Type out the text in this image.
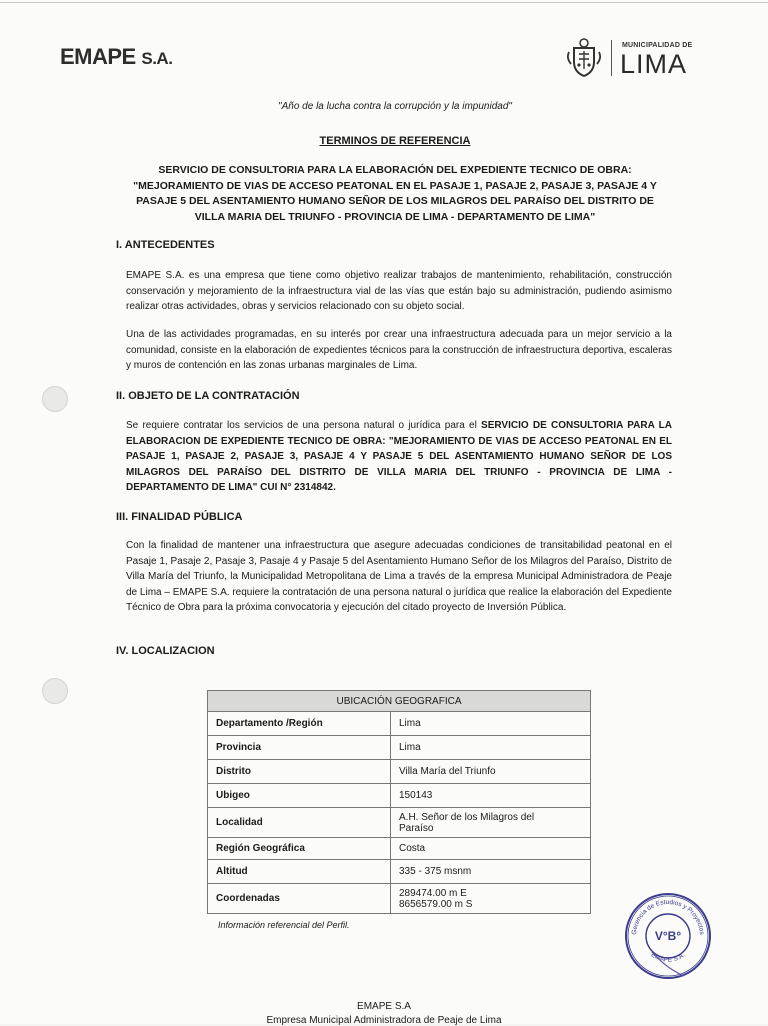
EMAPE S.A.
MUNICIPALIDAD DE
LIMA
"Año de la lucha contra la corrupción y la impunidad"
TERMINOS DE REFERENCIA
SERVICIO DE CONSULTORIA PARA LA ELABORACIÓN DEL EXPEDIENTE TECNICO DE OBRA:
"MEJORAMIENTO DE VIAS DE ACCESO PEATONAL EN EL PASAJE 1, PASAJE 2, PASAJE 3, PASAJE 4 Y
PASAJE 5 DEL ASENTAMIENTO HUMANO SEÑOR DE LOS MILAGROS DEL PARAÍSO DEL DISTRITO DE
VILLA MARIA DEL TRIUNFO - PROVINCIA DE LIMA - DEPARTAMENTO DE LIMA"
I. ANTECEDENTES
EMAPE S.A. es una empresa que tiene como objetivo realizar trabajos de mantenimiento, rehabilitación, construcción conservación y mejoramiento de la infraestructura vial de las vías que están bajo su administración, pudiendo asimismo realizar otras actividades, obras y servicios relacionado con su objeto social.
Una de las actividades programadas, en su interés por crear una infraestructura adecuada para un mejor servicio a la comunidad, consiste en la elaboración de expedientes técnicos para la construcción de infraestructura deportiva, escaleras y muros de contención en las zonas urbanas marginales de Lima.
II. OBJETO DE LA CONTRATACIÓN
Se requiere contratar los servicios de una persona natural o jurídica para el SERVICIO DE CONSULTORIA PARA LA ELABORACION DE EXPEDIENTE TECNICO DE OBRA: "MEJORAMIENTO DE VIAS DE ACCESO PEATONAL EN EL PASAJE 1, PASAJE 2, PASAJE 3, PASAJE 4 Y PASAJE 5 DEL ASENTAMIENTO HUMANO SEÑOR DE LOS MILAGROS DEL PARAÍSO DEL DISTRITO DE VILLA MARIA DEL TRIUNFO - PROVINCIA DE LIMA - DEPARTAMENTO DE LIMA" CUI N° 2314842.
III. FINALIDAD PÚBLICA
Con la finalidad de mantener una infraestructura que asegure adecuadas condiciones de transitabilidad peatonal en el Pasaje 1, Pasaje 2, Pasaje 3, Pasaje 4 y Pasaje 5 del Asentamiento Humano Señor de los Milagros del Paraíso, Distrito de Villa María del Triunfo, la Municipalidad Metropolitana de Lima a través de la empresa Municipal Administradora de Peaje de Lima – EMAPE S.A. requiere la contratación de una persona natural o jurídica que realice la elaboración del Expediente Técnico de Obra para la próxima convocatoria y ejecución del citado proyecto de Inversión Pública.
IV. LOCALIZACION
UBICACIÓN GEOGRAFICA	
Departamento /Región	Lima
Provincia	Lima
Distrito	Villa María del Triunfo
Ubigeo	150143
Localidad	A.H. Señor de los Milagros del
Paraíso

Región Geográfica	Costa
Altitud	335 - 375 msnm
Coordenadas	289474.00 m E
8656579.00 m S
Información referencial del Perfil.
Gerencia de Estudios y Proyectos
EMAPE S.A.
V°B°
EMAPE S.A
Empresa Municipal Administradora de Peaje de Lima
